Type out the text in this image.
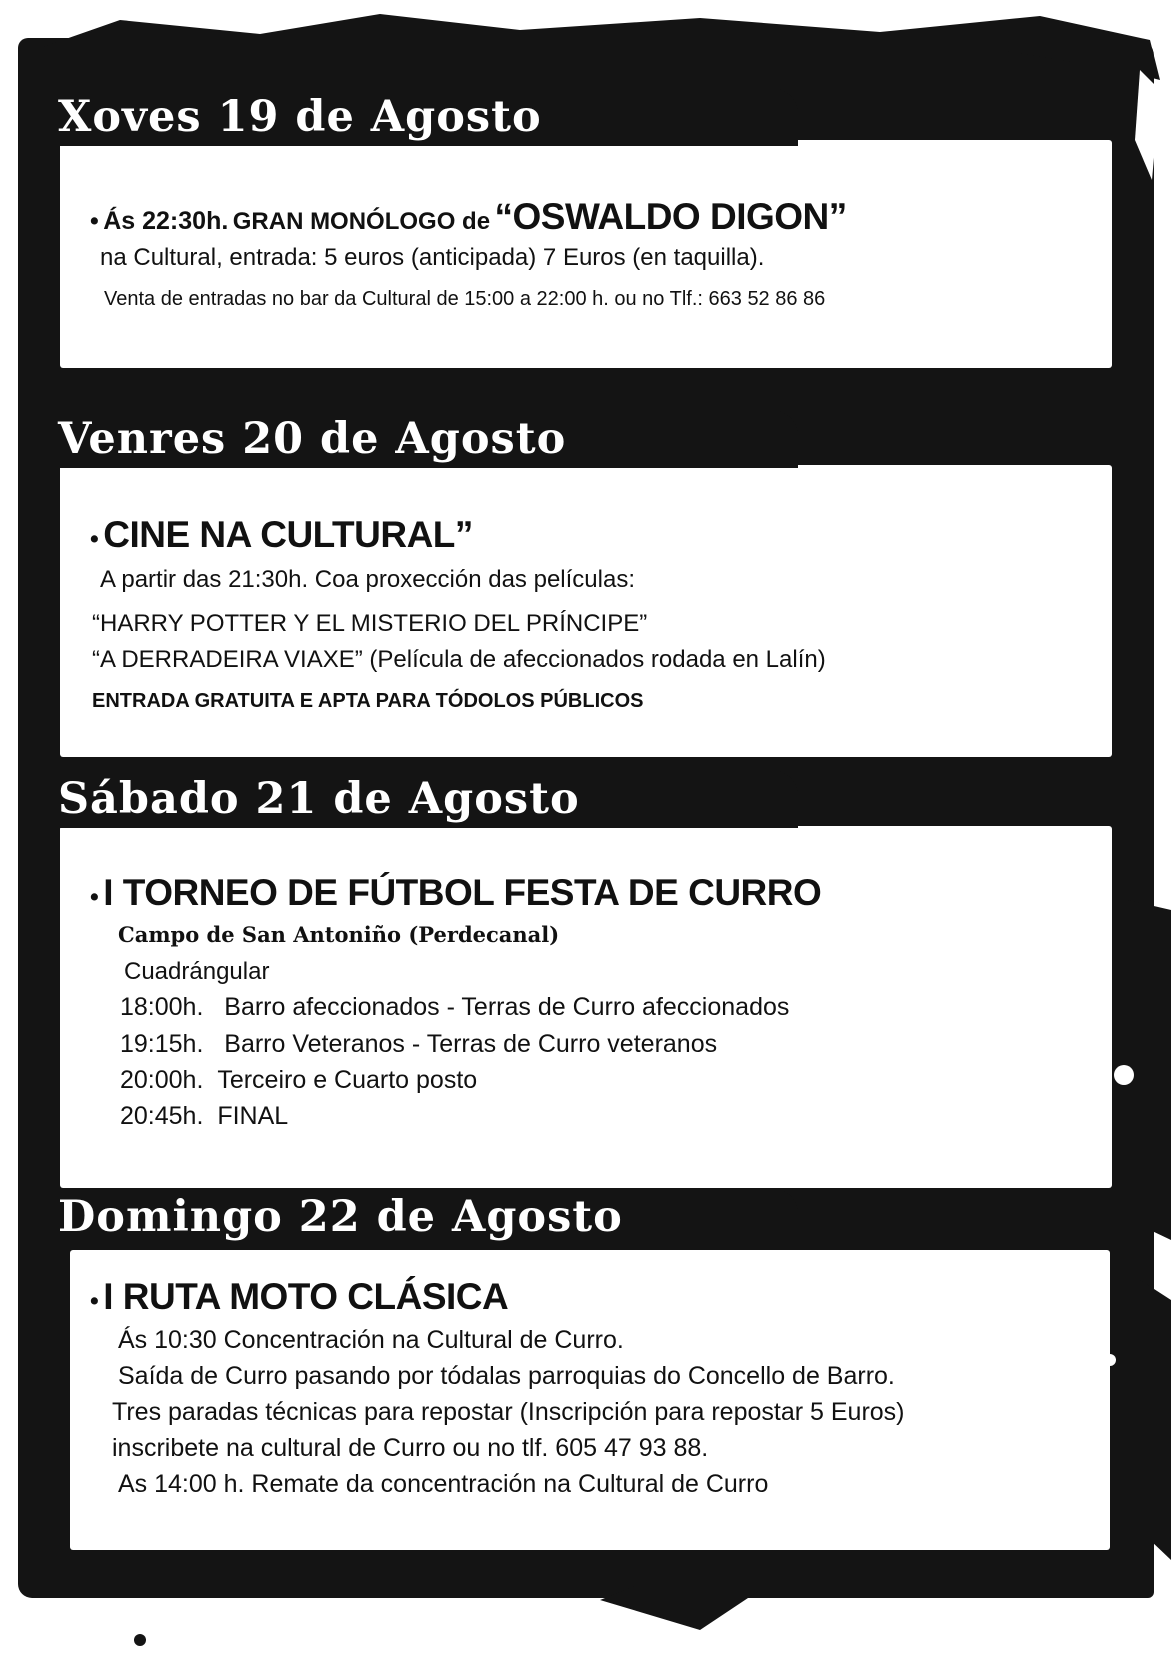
Xoves 19 de Agosto
Venres 20 de Agosto
Sábado 21 de Agosto
Domingo 22 de Agosto
• Ás 22:30h. GRAN MONÓLOGO de “OSWALDO DIGON”
na Cultural, entrada: 5 euros (anticipada) 7 Euros (en taquilla).
Venta de entradas no bar da Cultural de 15:00 a 22:00 h. ou no Tlf.: 663 52 86 86
• CINE NA CULTURAL”
A partir das 21:30h. Coa proxección das películas:
“HARRY POTTER Y EL MISTERIO DEL PRÍNCIPE”
“A DERRADEIRA VIAXE” (Película de afeccionados rodada en Lalín)
ENTRADA GRATUITA E APTA PARA TÓDOLOS PÚBLICOS
• I TORNEO DE FÚTBOL FESTA DE CURRO
Campo de San Antoniño (Perdecanal)
Cuadrángular
18:00h. Barro afeccionados - Terras de Curro afeccionados
19:15h. Barro Veteranos - Terras de Curro veteranos
20:00h. Terceiro e Cuarto posto
20:45h. FINAL
• I RUTA MOTO CLÁSICA
Ás 10:30 Concentración na Cultural de Curro.
Saída de Curro pasando por tódalas parroquias do Concello de Barro.
Tres paradas técnicas para repostar (Inscripción para repostar 5 Euros)
inscribete na cultural de Curro ou no tlf. 605 47 93 88.
As 14:00 h. Remate da concentración na Cultural de Curro
